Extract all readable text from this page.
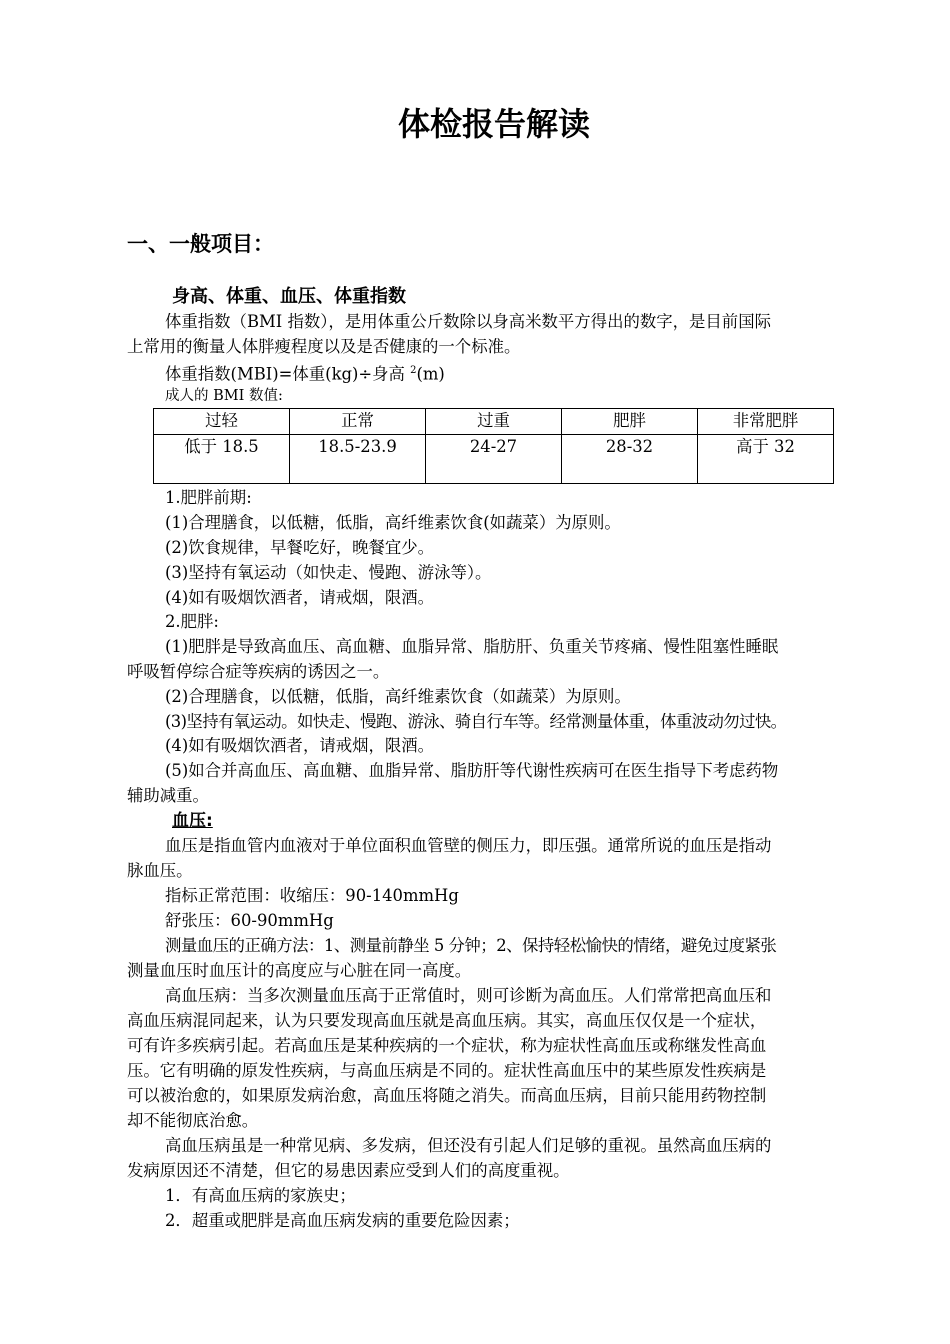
体检报告解读
一、一般项目：
身高、体重、血压、体重指数

体重指数（BMI 指数），是用体重公斤数除以身高米数平方得出的数字，是目前国际

上常用的衡量人体胖瘦程度以及是否健康的一个标准。

体重指数(MBI)=体重(kg)÷身高 $^2$(m)

成人的 BMI 数值:

过轻	正常	过重	肥胖	非常肥胖
低于 18.5	18.5-23.9	24-27	28-32	高于 32

1.肥胖前期:

(1)合理膳食，以低糖，低脂，高纤维素饮食(如蔬菜）为原则。

(2)饮食规律，早餐吃好，晚餐宜少。

(3)坚持有氧运动（如快走、慢跑、游泳等）。

(4)如有吸烟饮酒者，请戒烟，限酒。

2.肥胖:

(1)肥胖是导致高血压、高血糖、血脂异常、脂肪肝、负重关节疼痛、慢性阻塞性睡眠

呼吸暂停综合症等疾病的诱因之一。

(2)合理膳食，以低糖，低脂，高纤维素饮食（如蔬菜）为原则。

(3)坚持有氧运动。如快走、慢跑、游泳、骑自行车等。经常测量体重，体重波动勿过快。

(4)如有吸烟饮酒者，请戒烟，限酒。

(5)如合并高血压、高血糖、血脂异常、脂肪肝等代谢性疾病可在医生指导下考虑药物

辅助减重。

血压:

血压是指血管内血液对于单位面积血管壁的侧压力，即压强。通常所说的血压是指动

脉血压。

指标正常范围：收缩压：90-140mmHg

舒张压：60-90mmHg

测量血压的正确方法：1、测量前静坐 5 分钟；2、保持轻松愉快的情绪，避免过度紧张

测量血压时血压计的高度应与心脏在同一高度。

高血压病：当多次测量血压高于正常值时，则可诊断为高血压。人们常常把高血压和

高血压病混同起来，认为只要发现高血压就是高血压病。其实，高血压仅仅是一个症状，

可有许多疾病引起。若高血压是某种疾病的一个症状，称为症状性高血压或称继发性高血

压。它有明确的原发性疾病，与高血压病是不同的。症状性高血压中的某些原发性疾病是

可以被治愈的，如果原发病治愈，高血压将随之消失。而高血压病，目前只能用药物控制

却不能彻底治愈。

高血压病虽是一种常见病、多发病，但还没有引起人们足够的重视。虽然高血压病的

发病原因还不清楚，但它的易患因素应受到人们的高度重视。

1．有高血压病的家族史；

2．超重或肥胖是高血压病发病的重要危险因素；
